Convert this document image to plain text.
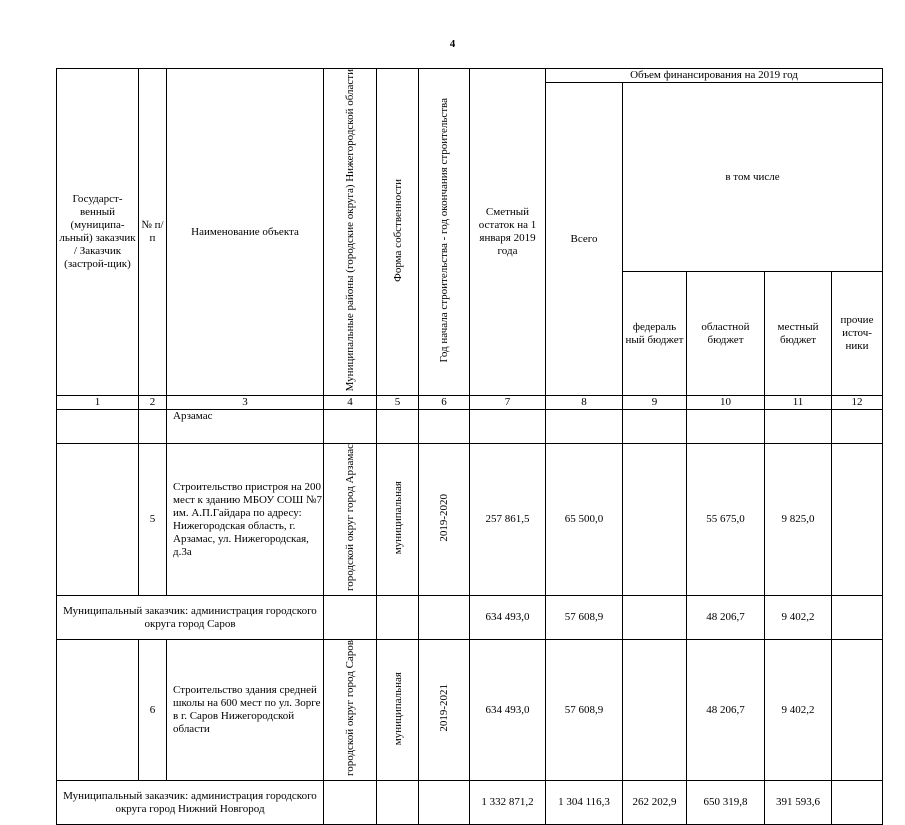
4
Государст-венный (муниципа-льный) заказчик / Заказчик (застрой-щик)	№ п/п	Наименование объекта	Муниципальные районы (городские округа) Нижегородской области	Форма собственности	Год начала строительства - год окончания строительства	Сметный остаток на 1 января 2019 года	Объем финансирования на 2019 год				
							Всего	в том числе			
								федераль ный бюджет	областной бюджет	местный бюджет	прочие источ-ники
1	2	3	4	5	6	7	8	9	10	11	12
		Арзамас									
	5	Строительство пристроя на 200 мест к зданию МБОУ СОШ №7 им. А.П.Гайдара по адресу: Нижегородская область, г. Арзамас, ул. Нижегородская, д.3а	городской округ город Арзамас	муниципальная	2019-2020	257 861,5	65 500,0		55 675,0	9 825,0	
Муниципальный заказчик: администрация городского округа город Саров						634 493,0	57 608,9		48 206,7	9 402,2	
	6	Строительство здания средней школы на 600 мест по ул. Зорге в г. Саров Нижегородской области	городской округ город Саров	муниципальная	2019-2021	634 493,0	57 608,9		48 206,7	9 402,2	
Муниципальный заказчик: администрация городского округа город Нижний Новгород						1 332 871,2	1 304 116,3	262 202,9	650 319,8	391 593,6	
